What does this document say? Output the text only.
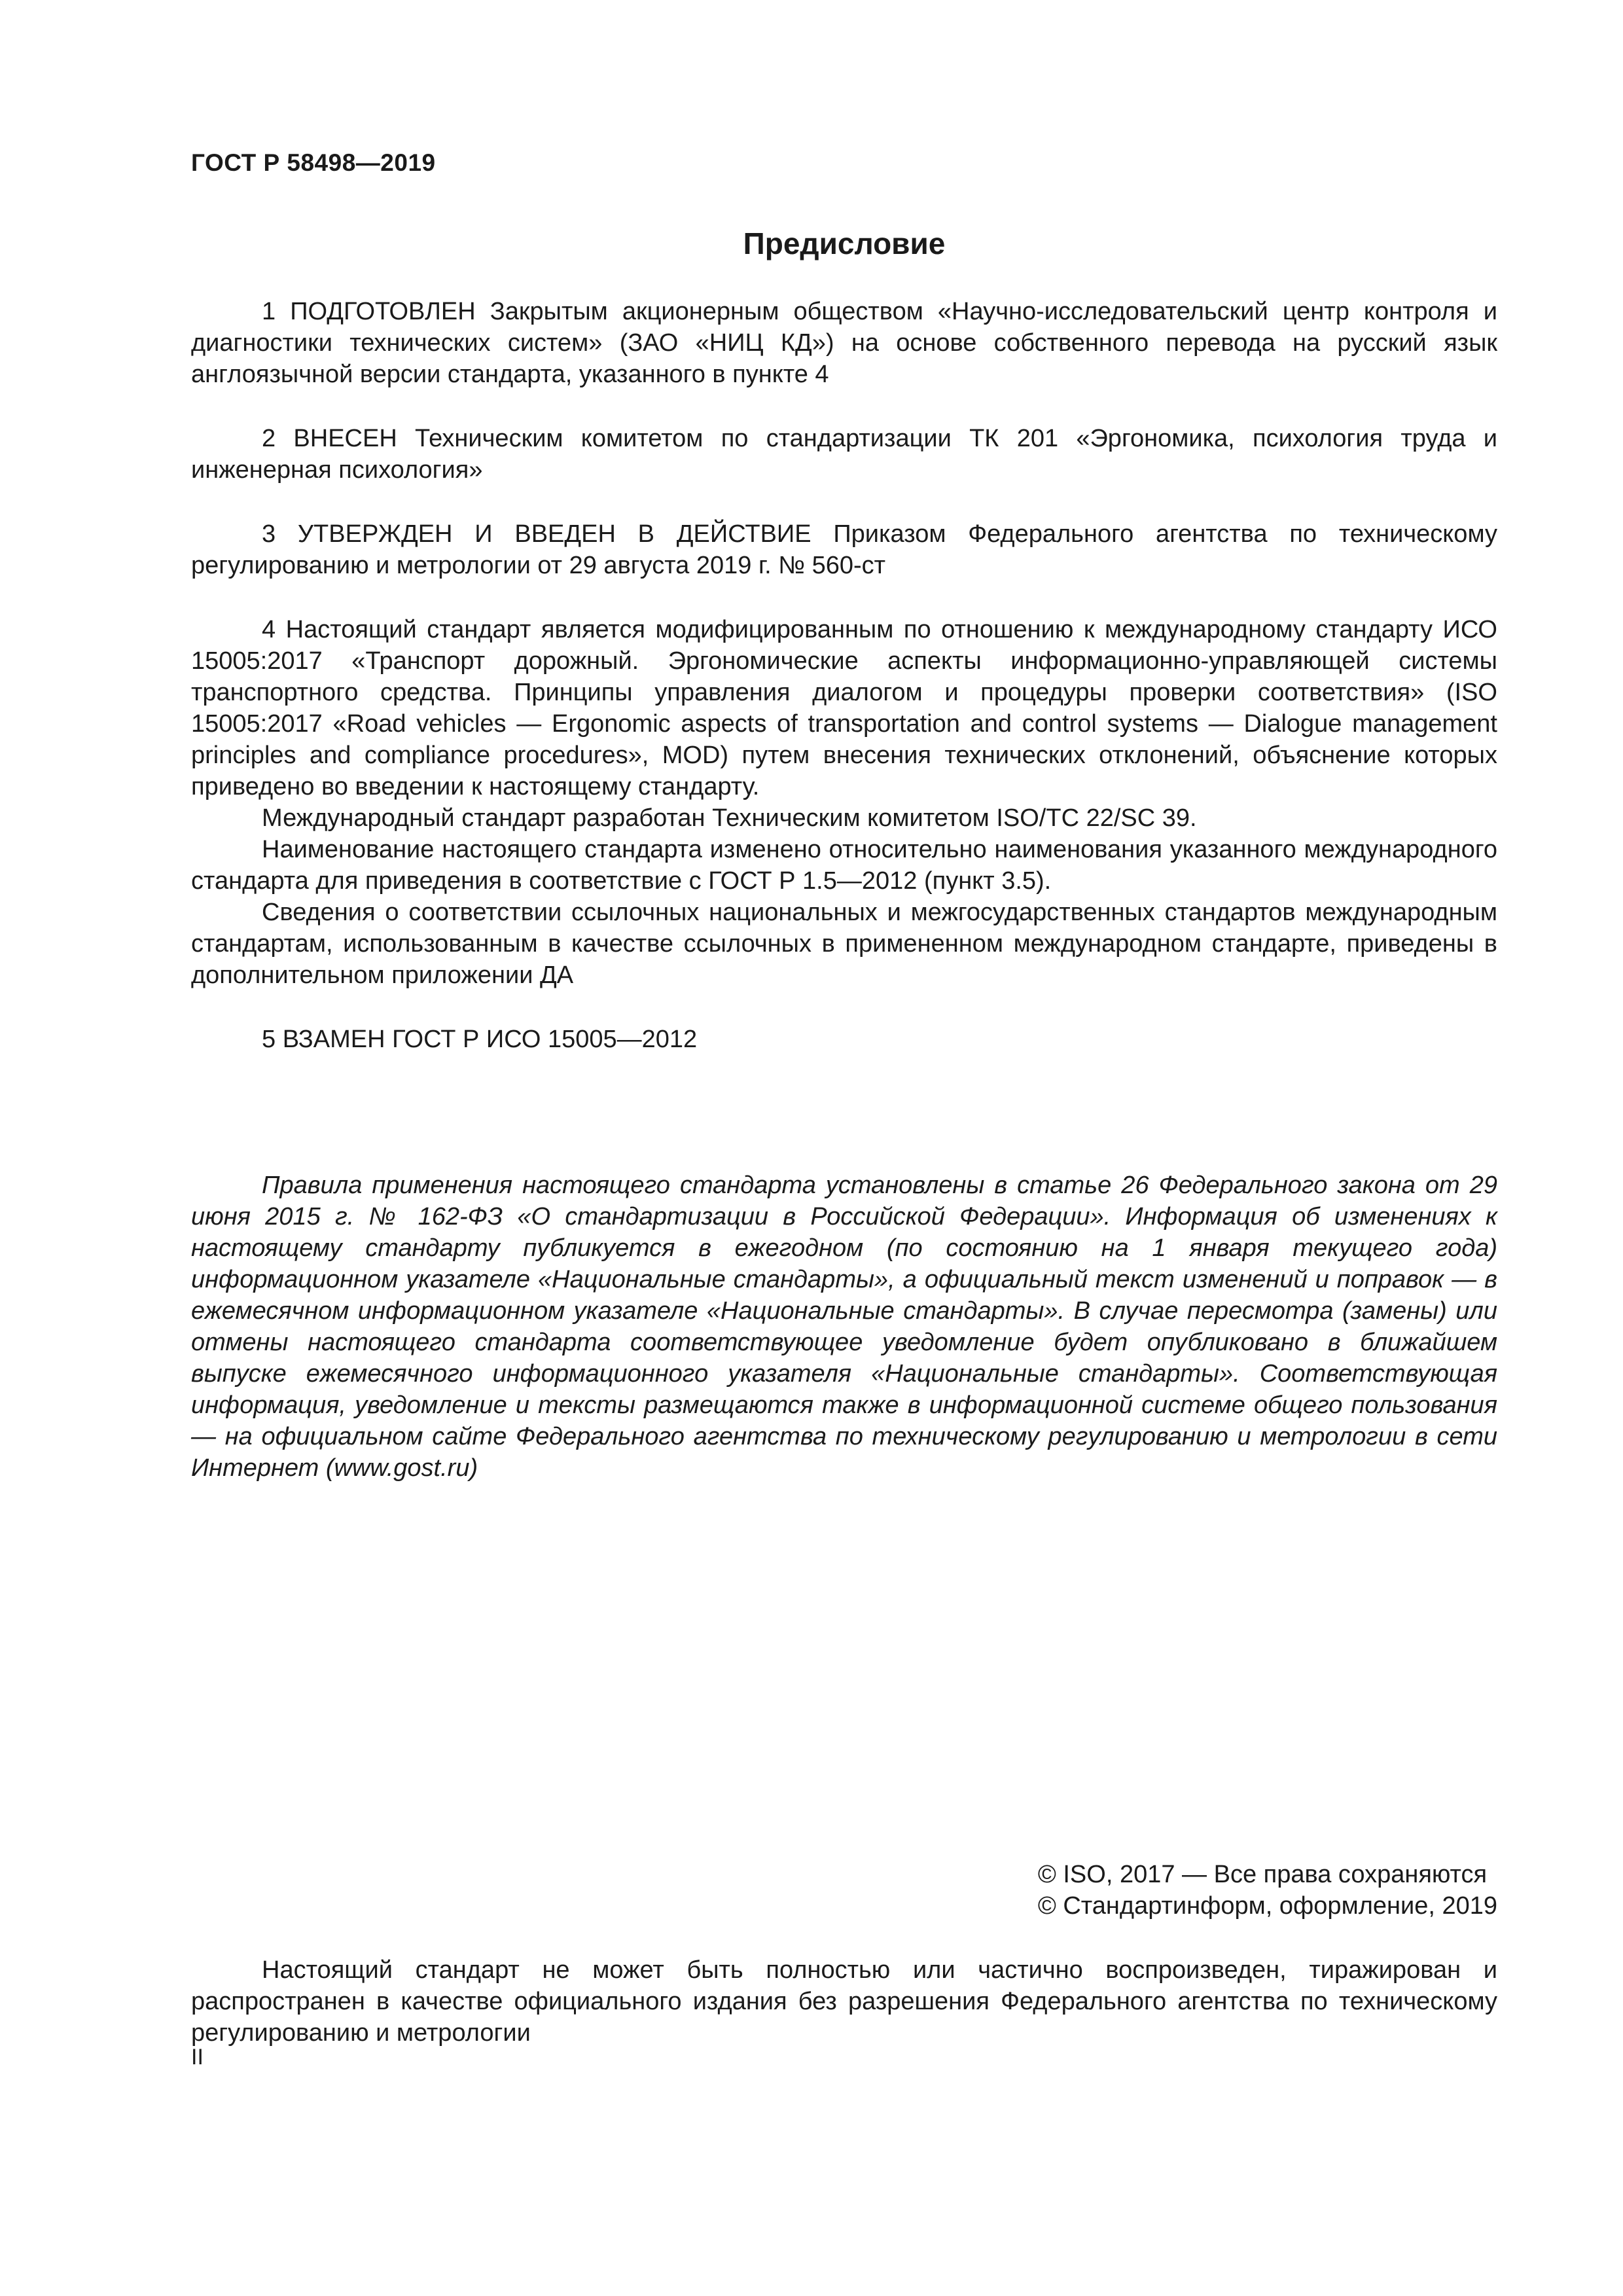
ГОСТ Р 58498—2019
Предисловие

1 ПОДГОТОВЛЕН Закрытым акционерным обществом «Научно-исследовательский центр контроля и диагностики технических систем» (ЗАО «НИЦ КД») на основе собственного перевода на русский язык англоязычной версии стандарта, указанного в пункте 4

2 ВНЕСЕН Техническим комитетом по стандартизации ТК 201 «Эргономика, психология труда и инженерная психология»

3 УТВЕРЖДЕН И ВВЕДЕН В ДЕЙСТВИЕ Приказом Федерального агентства по техническому регулированию и метрологии от 29 августа 2019 г. № 560-ст

4 Настоящий стандарт является модифицированным по отношению к международному стандарту ИСО 15005:2017 «Транспорт дорожный. Эргономические аспекты информационно-управляющей системы транспортного средства. Принципы управления диалогом и процедуры проверки соответствия» (ISO 15005:2017 «Road vehicles — Ergonomic aspects of transportation and control systems — Dialogue management principles and compliance procedures», MOD) путем внесения технических отклонений, объяснение которых приведено во введении к настоящему стандарту.

Международный стандарт разработан Техническим комитетом ISO/TC 22/SC 39.

Наименование настоящего стандарта изменено относительно наименования указанного международного стандарта для приведения в соответствие с ГОСТ Р 1.5—2012 (пункт 3.5).

Сведения о соответствии ссылочных национальных и межгосударственных стандартов международным стандартам, использованным в качестве ссылочных в примененном международном стандарте, приведены в дополнительном приложении ДА

5 ВЗАМЕН ГОСТ Р ИСО 15005—2012

Правила применения настоящего стандарта установлены в статье 26 Федерального закона от 29 июня 2015 г. № 162-ФЗ «О стандартизации в Российской Федерации». Информация об изменениях к настоящему стандарту публикуется в ежегодном (по состоянию на 1 января текущего года) информационном указателе «Национальные стандарты», а официальный текст изменений и поправок — в ежемесячном информационном указателе «Национальные стандарты». В случае пересмотра (замены) или отмены настоящего стандарта соответствующее уведомление будет опубликовано в ближайшем выпуске ежемесячного информационного указателя «Национальные стандарты». Соответствующая информация, уведомление и тексты размещаются также в информационной системе общего пользования — на официальном сайте Федерального агентства по техническому регулированию и метрологии в сети Интернет (www.gost.ru)

© ISO, 2017 — Все права сохраняются
© Стандартинформ, оформление, 2019

Настоящий стандарт не может быть полностью или частично воспроизведен, тиражирован и распространен в качестве официального издания без разрешения Федерального агентства по техническому регулированию и метрологии

II
